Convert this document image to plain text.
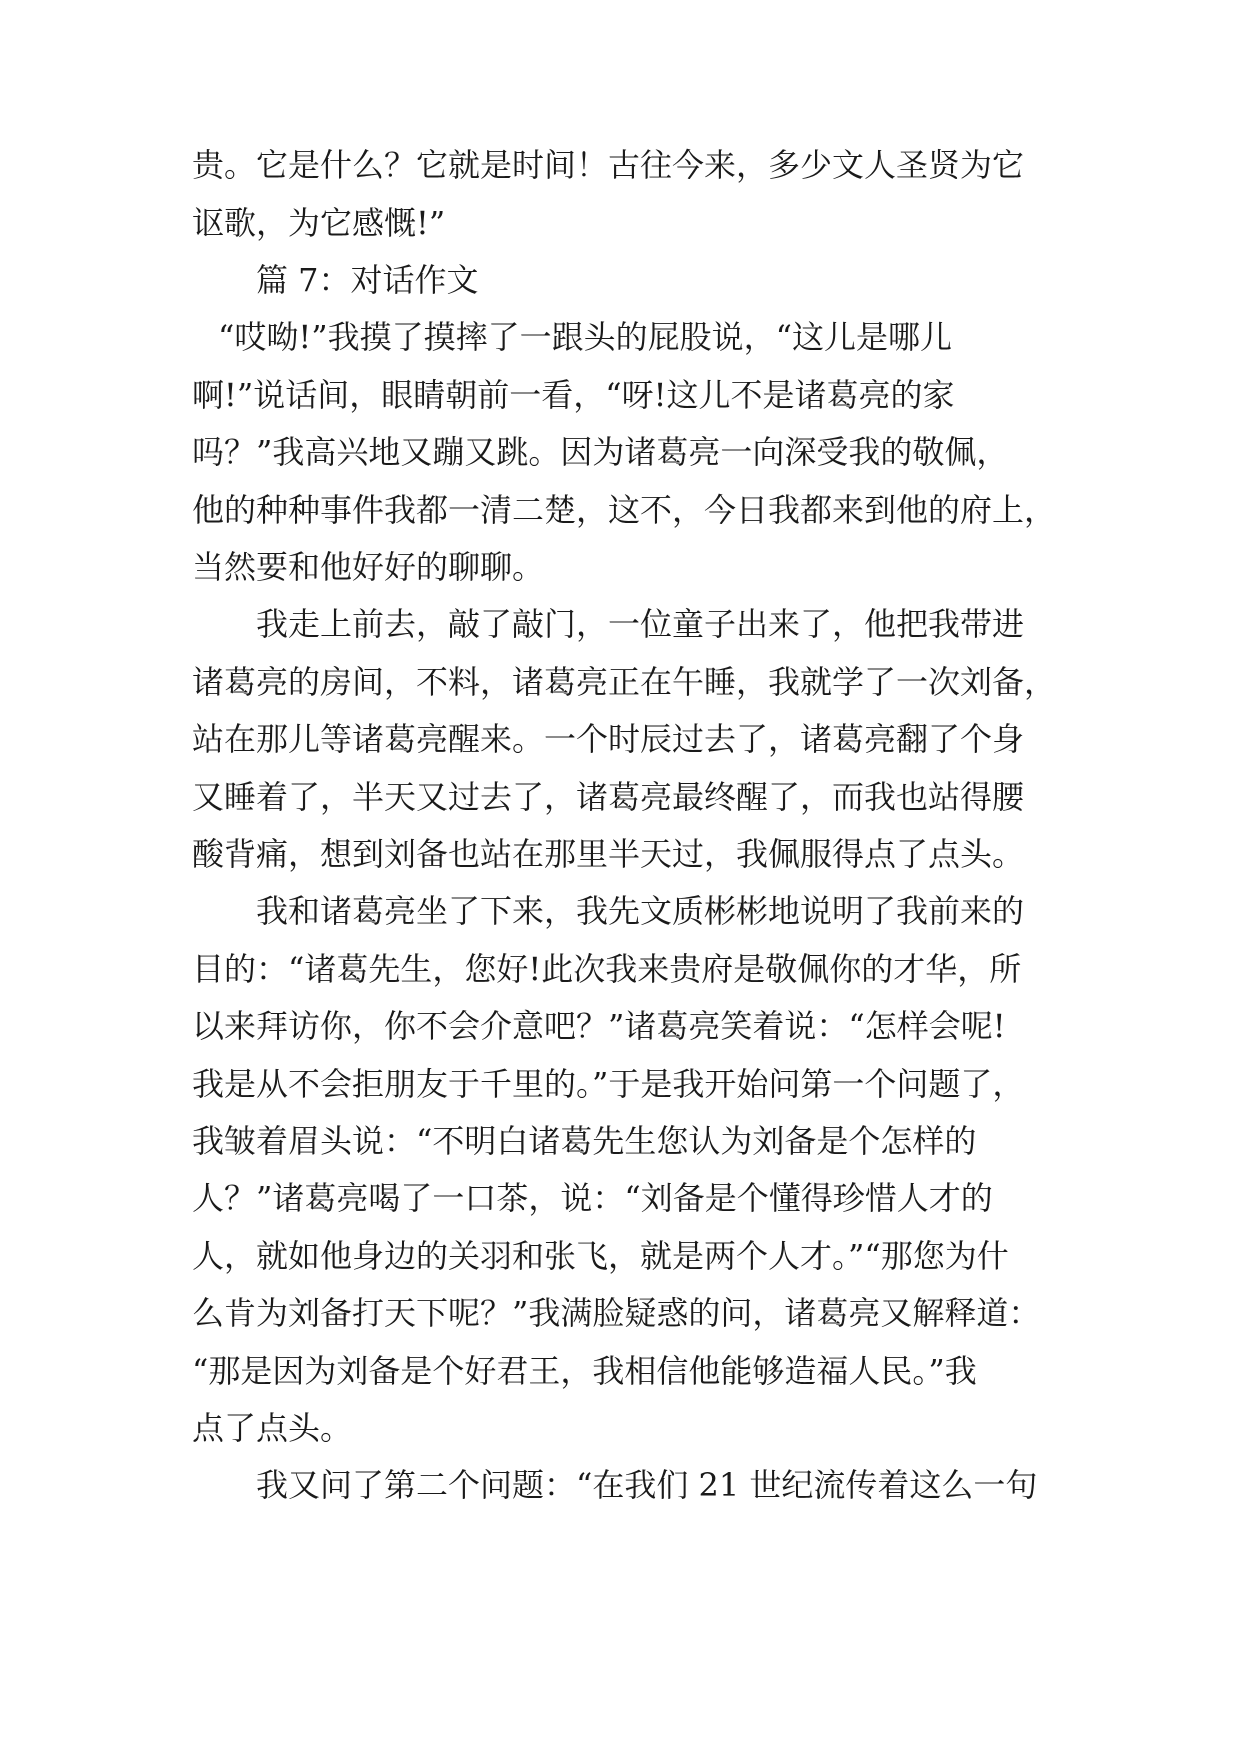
贵。它是什么？它就是时间！古往今来，多少文人圣贤为它
讴歌，为它感慨!”
篇 7：对话作文
“哎呦!”我摸了摸摔了一跟头的屁股说，“这儿是哪儿
啊!”说话间，眼睛朝前一看，“呀!这儿不是诸葛亮的家
吗？”我高兴地又蹦又跳。因为诸葛亮一向深受我的敬佩，
他的种种事件我都一清二楚，这不，今日我都来到他的府上，
当然要和他好好的聊聊。
我走上前去，敲了敲门，一位童子出来了，他把我带进
诸葛亮的房间，不料，诸葛亮正在午睡，我就学了一次刘备，
站在那儿等诸葛亮醒来。一个时辰过去了，诸葛亮翻了个身
又睡着了，半天又过去了，诸葛亮最终醒了，而我也站得腰
酸背痛，想到刘备也站在那里半天过，我佩服得点了点头。
我和诸葛亮坐了下来，我先文质彬彬地说明了我前来的
目的：“诸葛先生，您好!此次我来贵府是敬佩你的才华，所
以来拜访你，你不会介意吧？”诸葛亮笑着说：“怎样会呢!
我是从不会拒朋友于千里的。”于是我开始问第一个问题了，
我皱着眉头说：“不明白诸葛先生您认为刘备是个怎样的
人？”诸葛亮喝了一口茶，说：“刘备是个懂得珍惜人才的
人，就如他身边的关羽和张飞，就是两个人才。”“那您为什
么肯为刘备打天下呢？”我满脸疑惑的问，诸葛亮又解释道：
“那是因为刘备是个好君王，我相信他能够造福人民。”我
点了点头。
我又问了第二个问题：“在我们 21 世纪流传着这么一句
